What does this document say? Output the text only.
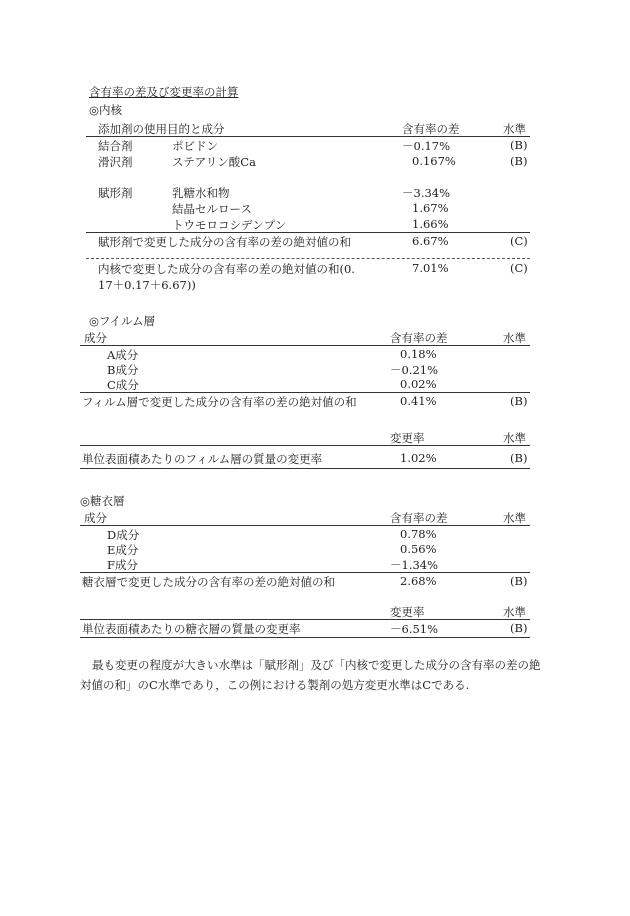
含有率の差及び変更率の計算
◎内核
添加剤の使用目的と成分	含有率の差	水準
結合剤	ポビドン	－0.17%	(B)
滑沢剤	ステアリン酸Ca	0.167%	(B)
賦形剤	乳糖水和物	－3.34%
結晶セルロース	1.67%
トウモロコシデンプン	1.66%
賦形剤で変更した成分の含有率の差の絶対値の和	6.67%	(C)
内核で変更した成分の含有率の差の絶対値の和(0.
17＋0.17＋6.67))
7.01%	(C)
◎フイルム層
成分	含有率の差	水準
A成分	0.18%
B成分	－0.21%
C成分	0.02%
フィルム層で変更した成分の含有率の差の絶対値の和	0.41%	(B)
変更率	水準
単位表面積あたりのフィルム層の質量の変更率	1.02%	(B)
◎糖衣層
成分	含有率の差	水準
D成分	0.78%
E成分	0.56%
F成分	－1.34%
糖衣層で変更した成分の含有率の差の絶対値の和	2.68%	(B)
変更率	水準
単位表面積あたりの糖衣層の質量の変更率	－6.51%	(B)
最も変更の程度が大きい水準は「賦形剤」及び「内核で変更した成分の含有率の差の絶
対値の和」のC水準であり，この例における製剤の処方変更水準はCである.
